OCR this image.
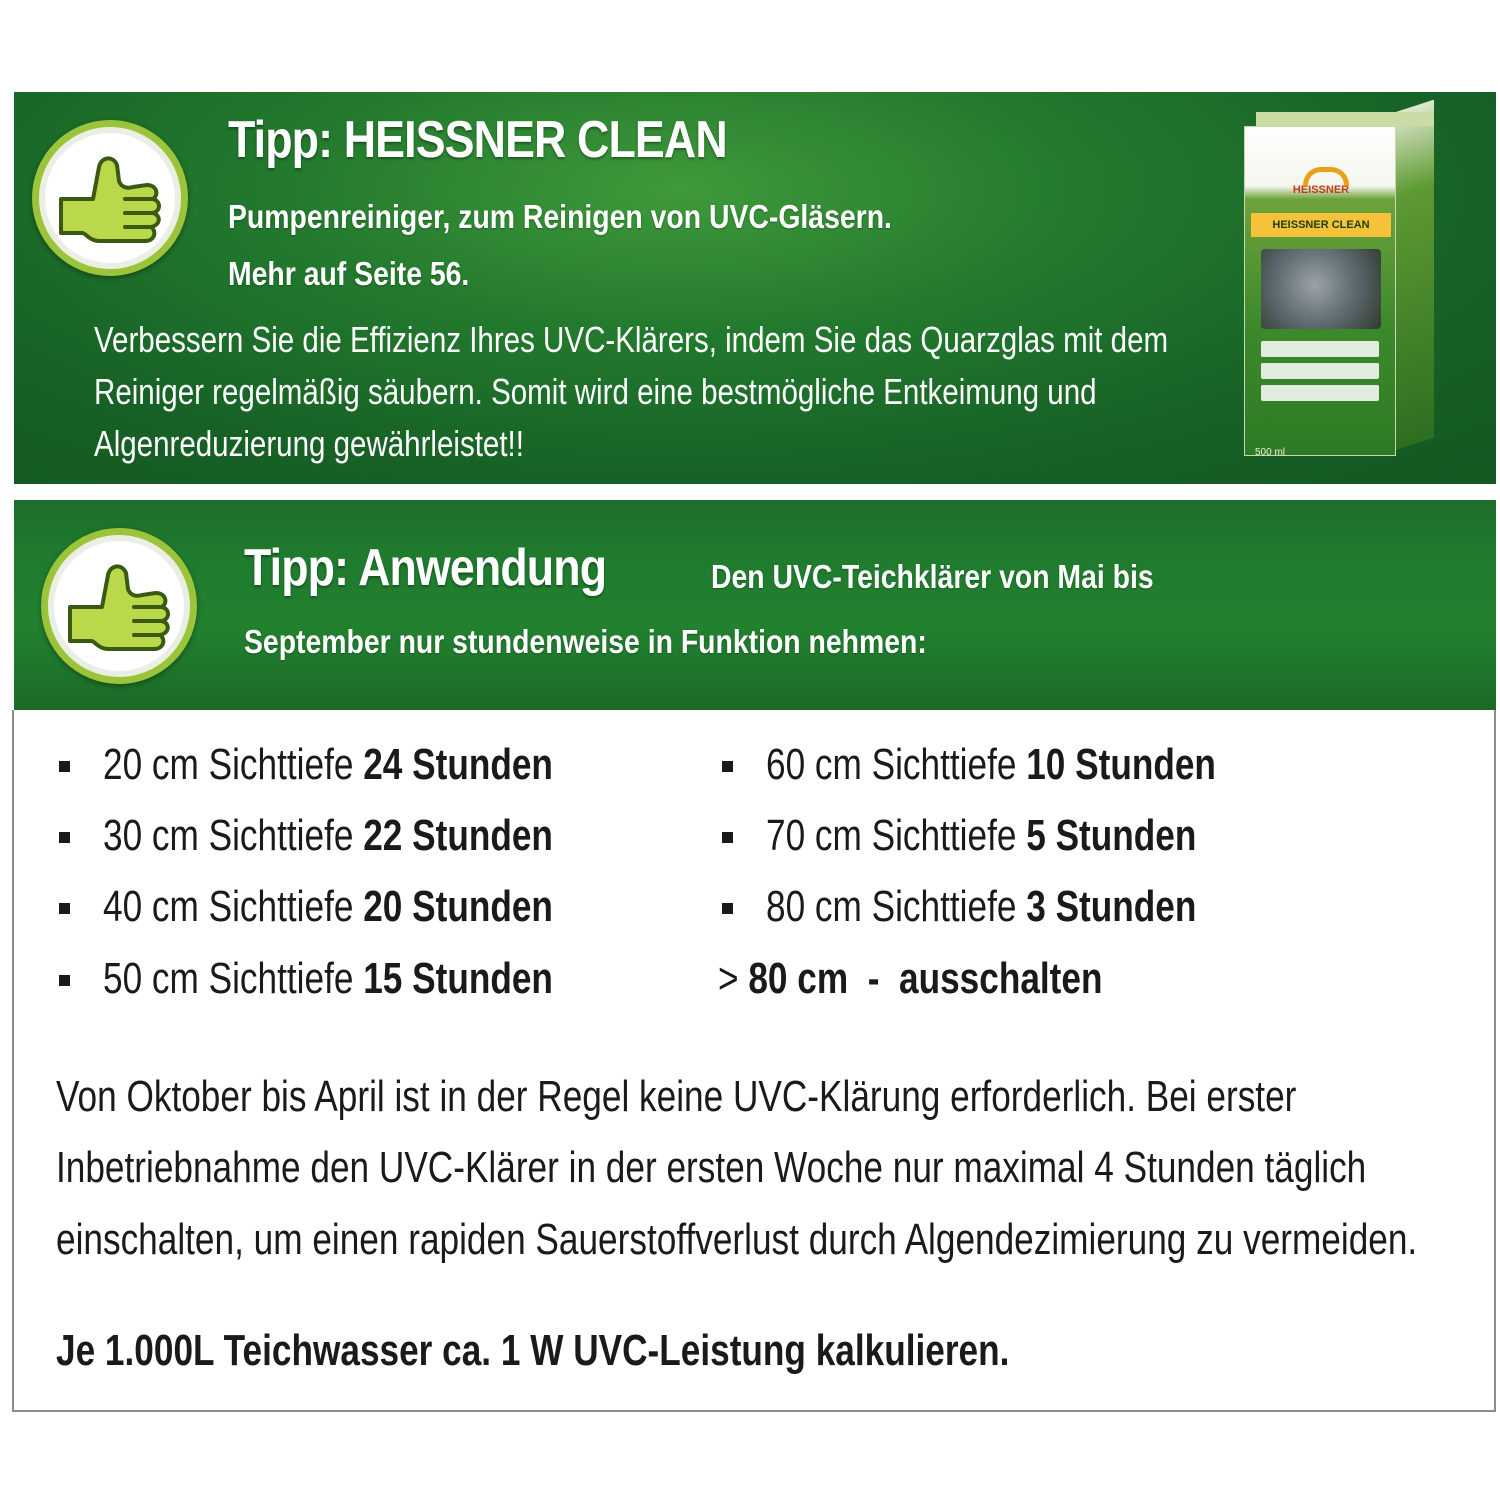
Tipp: HEISSNER CLEAN
Pumpenreiniger, zum Reinigen von UVC-Gläsern.
Mehr auf Seite 56.
Verbessern Sie die Effizienz Ihres UVC-Klärers, indem Sie das Quarzglas mit dem
Reiniger regelmäßig säubern. Somit wird eine bestmögliche Entkeimung und
Algenreduzierung gewährleistet!!
HEISSNER
HEISSNER CLEAN
500 ml
Tipp: Anwendung	Den UVC-Teichklärer von Mai bis
September nur stundenweise in Funktion nehmen:
20 cm Sichttiefe 24 Stunden
30 cm Sichttiefe 22 Stunden
40 cm Sichttiefe 20 Stunden
50 cm Sichttiefe 15 Stunden
60 cm Sichttiefe 10 Stunden
70 cm Sichttiefe 5 Stunden
80 cm Sichttiefe 3 Stunden
> 80 cm - ausschalten
Von Oktober bis April ist in der Regel keine UVC-Klärung erforderlich. Bei erster
Inbetriebnahme den UVC-Klärer in der ersten Woche nur maximal 4 Stunden täglich
einschalten, um einen rapiden Sauerstoffverlust durch Algendezimierung zu vermeiden.
Je 1.000L Teichwasser ca. 1 W UVC-Leistung kalkulieren.
